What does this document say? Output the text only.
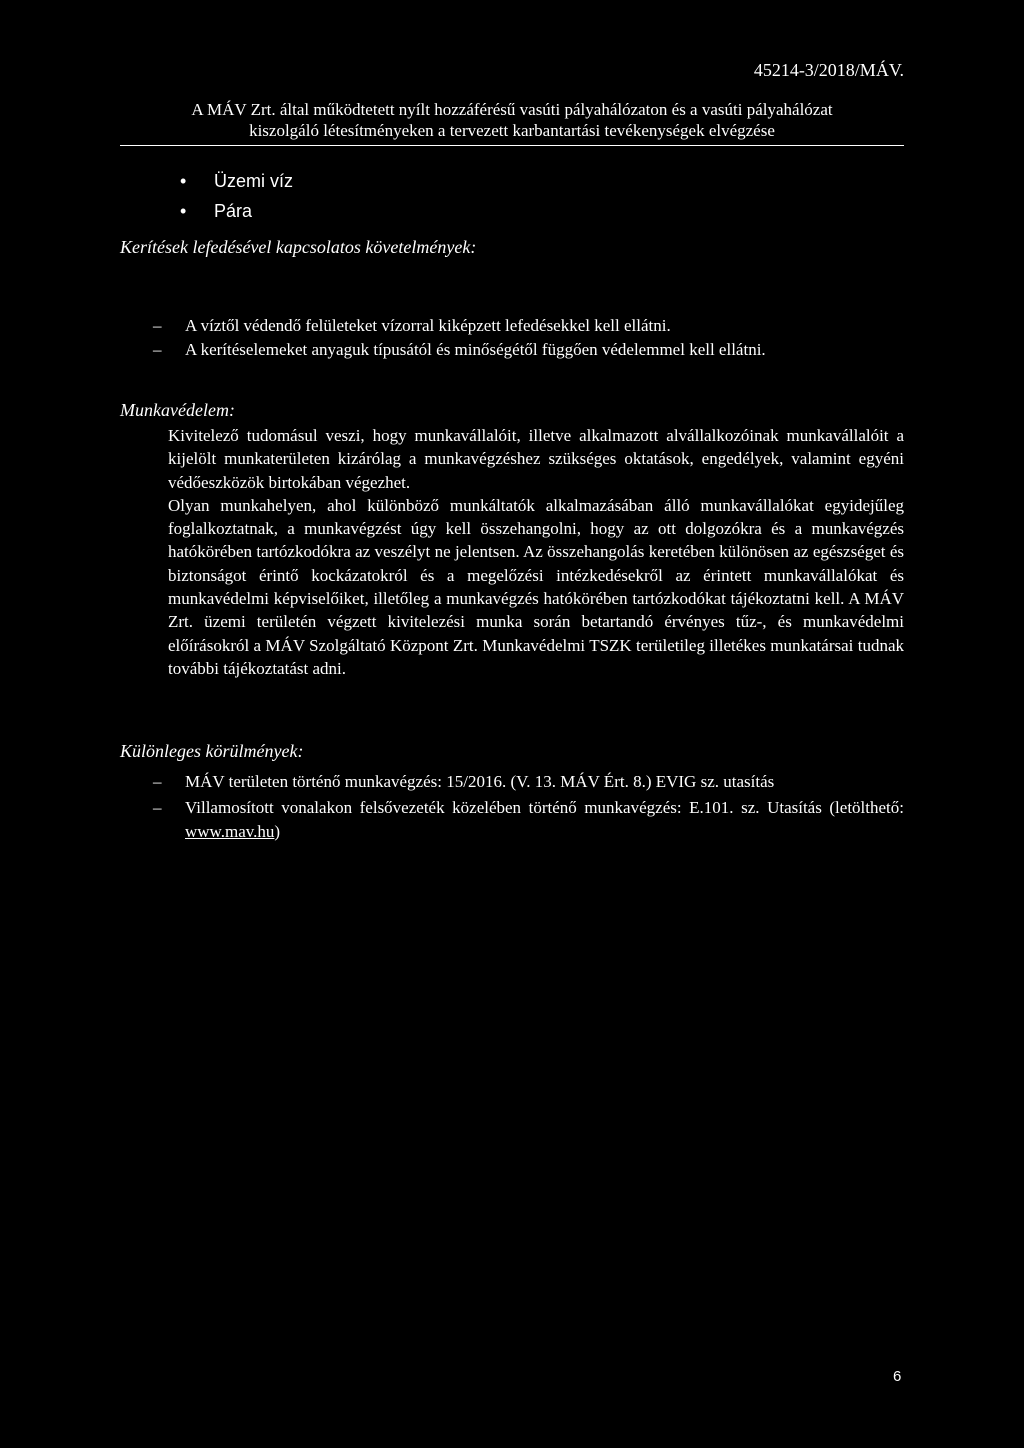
45214-3/2018/MÁV.
A MÁV Zrt. által működtetett nyílt hozzáférésű vasúti pályahálózaton és a vasúti pályahálózat
kiszolgáló létesítményeken a tervezett karbantartási tevékenységek elvégzése
• Üzemi víz
• Pára
Kerítések lefedésével kapcsolatos követelmények:
– A víztől védendő felületeket vízorral kiképzett lefedésekkel kell ellátni.
– A kerítéselemeket anyaguk típusától és minőségétől függően védelemmel kell ellátni.
Munkavédelem:

Kivitelező tudomásul veszi, hogy munkavállalóit, illetve alkalmazott alvállalkozóinak munkavállalóit a kijelölt munkaterületen kizárólag a munkavégzéshez szükséges oktatások, engedélyek, valamint egyéni védőeszközök birtokában végezhet.

Olyan munkahelyen, ahol különböző munkáltatók alkalmazásában álló munkavállalókat egyidejűleg foglalkoztatnak, a munkavégzést úgy kell összehangolni, hogy az ott dolgozókra és a munkavégzés hatókörében tartózkodókra az veszélyt ne jelentsen. Az összehangolás keretében különösen az egészséget és biztonságot érintő kockázatokról és a megelőzési intézkedésekről az érintett munkavállalókat és munkavédelmi képviselőiket, illetőleg a munkavégzés hatókörében tartózkodókat tájékoztatni kell. A MÁV Zrt. üzemi területén végzett kivitelezési munka során betartandó érvényes tűz-, és munkavédelmi előírásokról a MÁV Szolgáltató Központ Zrt. Munkavédelmi TSZK területileg illetékes munkatársai tudnak további tájékoztatást adni.

Különleges körülmények:
– MÁV területen történő munkavégzés: 15/2016. (V. 13. MÁV Ért. 8.) EVIG sz. utasítás
– Villamosított vonalakon felsővezeték közelében történő munkavégzés: E.101. sz. Utasítás (letölthető: www.mav.hu)
6
